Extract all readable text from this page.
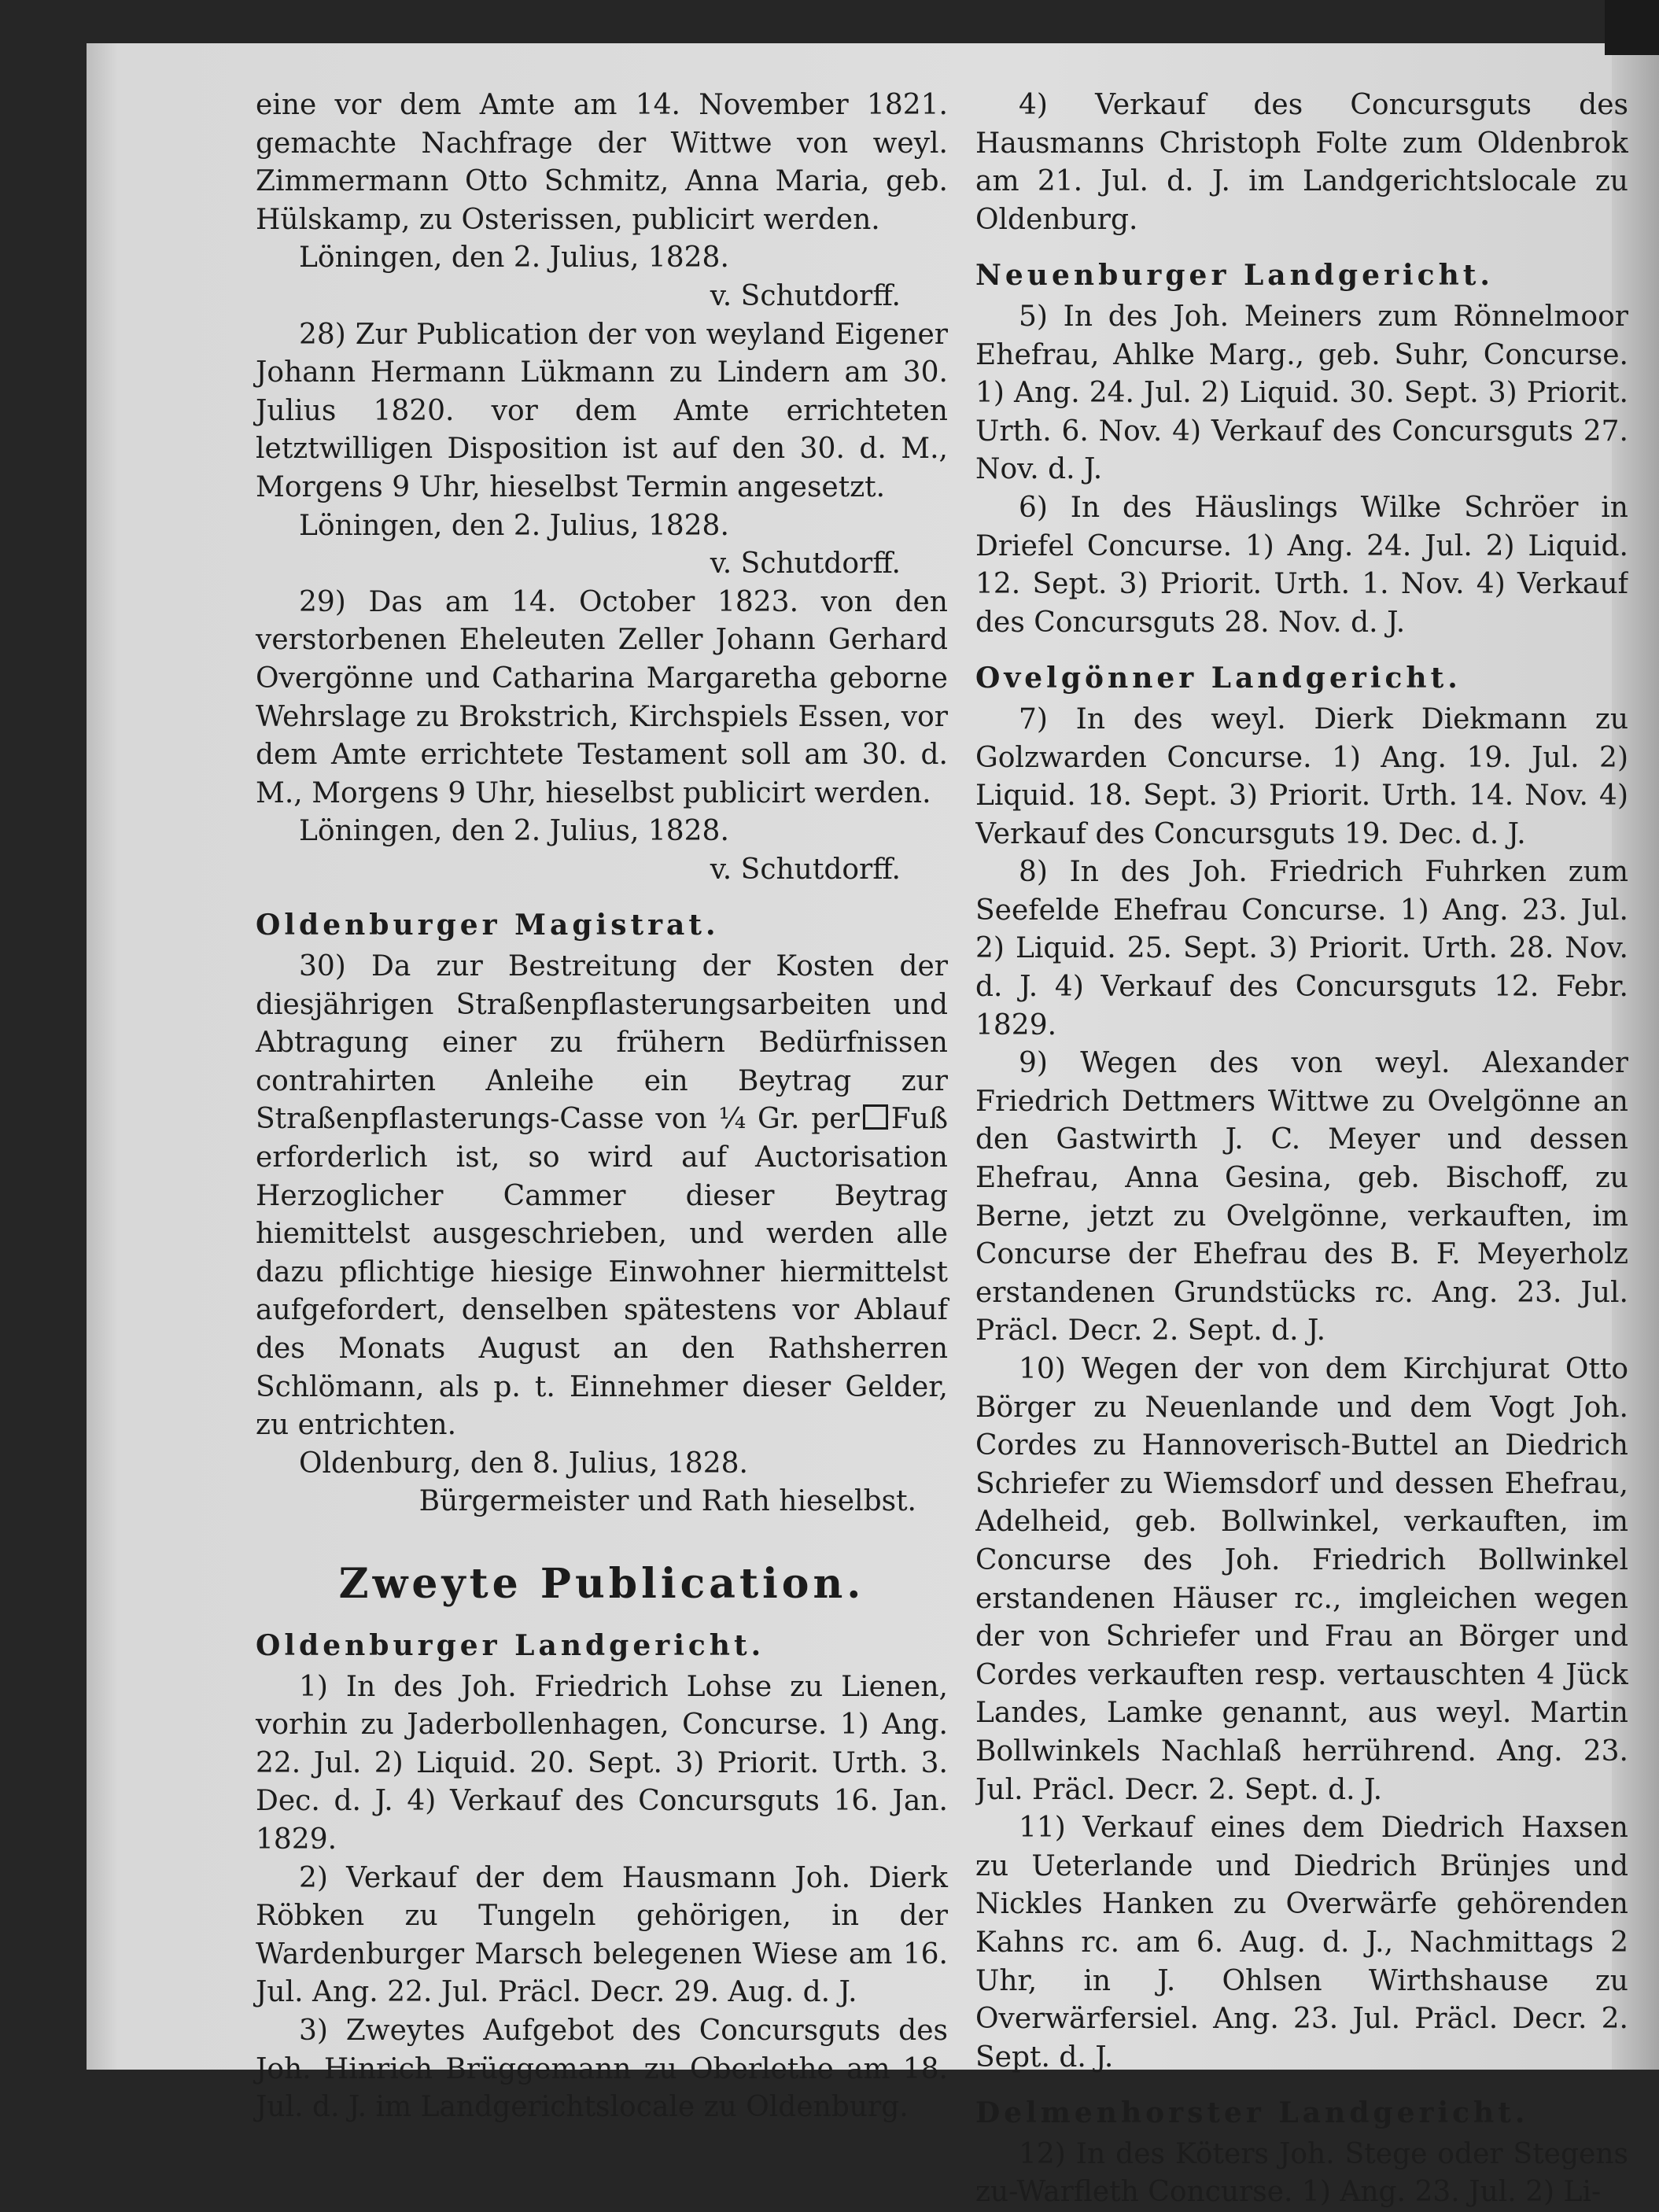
eine vor dem Amte am 14. November 1821. gemachte Nachfrage der Wittwe von weyl. Zimmermann Otto Schmitz, Anna Maria, geb. Hülskamp, zu Osterissen, publicirt werden.

Löningen, den 2. Julius, 1828.

v. Schutdorff.

28) Zur Publication der von weyland Eigener Johann Hermann Lükmann zu Lindern am 30. Julius 1820. vor dem Amte errichteten letztwilligen Disposition ist auf den 30. d. M., Morgens 9 Uhr, hieselbst Termin angesetzt.

Löningen, den 2. Julius, 1828.

v. Schutdorff.

29) Das am 14. October 1823. von den verstorbenen Eheleuten Zeller Johann Gerhard Overgönne und Catharina Margaretha geborne Wehrslage zu Brokstrich, Kirchspiels Essen, vor dem Amte errichtete Testament soll am 30. d. M., Morgens 9 Uhr, hieselbst publicirt werden.

Löningen, den 2. Julius, 1828.

v. Schutdorff.

Oldenburger Magistrat.

30) Da zur Bestreitung der Kosten der diesjährigen Straßenpflasterungsarbeiten und Abtragung einer zu frühern Bedürfnissen contrahirten Anleihe ein Beytrag zur Straßenpflasterungs-Casse von ¼ Gr. per Fuß erforderlich ist, so wird auf Auctorisation Herzoglicher Cammer dieser Beytrag hiemittelst ausgeschrieben, und werden alle dazu pflichtige hiesige Einwohner hiermittelst aufgefordert, denselben spätestens vor Ablauf des Monats August an den Rathsherren Schlömann, als p. t. Einnehmer dieser Gelder, zu entrichten.

Oldenburg, den 8. Julius, 1828.

Bürgermeister und Rath hieselbst.

Zweyte Publication.

Oldenburger Landgericht.

1) In des Joh. Friedrich Lohse zu Lienen, vorhin zu Jaderbollenhagen, Concurse. 1) Ang. 22. Jul. 2) Liquid. 20. Sept. 3) Priorit. Urth. 3. Dec. d. J. 4) Verkauf des Concursguts 16. Jan. 1829.

2) Verkauf der dem Hausmann Joh. Dierk Röbken zu Tungeln gehörigen, in der Wardenburger Marsch belegenen Wiese am 16. Jul. Ang. 22. Jul. Präcl. Decr. 29. Aug. d. J.

3) Zweytes Aufgebot des Concursguts des Joh. Hinrich Brüggemann zu Oberlethe am 18. Jul. d. J. im Landgerichtslocale zu Oldenburg.

4) Verkauf des Concursguts des Hausmanns Christoph Folte zum Oldenbrok am 21. Jul. d. J. im Landgerichtslocale zu Oldenburg.

Neuenburger Landgericht.

5) In des Joh. Meiners zum Rönnelmoor Ehefrau, Ahlke Marg., geb. Suhr, Concurse. 1) Ang. 24. Jul. 2) Liquid. 30. Sept. 3) Priorit. Urth. 6. Nov. 4) Verkauf des Concursguts 27. Nov. d. J.

6) In des Häuslings Wilke Schröer in Driefel Concurse. 1) Ang. 24. Jul. 2) Liquid. 12. Sept. 3) Priorit. Urth. 1. Nov. 4) Verkauf des Concursguts 28. Nov. d. J.

Ovelgönner Landgericht.

7) In des weyl. Dierk Diekmann zu Golzwarden Concurse. 1) Ang. 19. Jul. 2) Liquid. 18. Sept. 3) Priorit. Urth. 14. Nov. 4) Verkauf des Concursguts 19. Dec. d. J.

8) In des Joh. Friedrich Fuhrken zum Seefelde Ehefrau Concurse. 1) Ang. 23. Jul. 2) Liquid. 25. Sept. 3) Priorit. Urth. 28. Nov. d. J. 4) Verkauf des Concursguts 12. Febr. 1829.

9) Wegen des von weyl. Alexander Friedrich Dettmers Wittwe zu Ovelgönne an den Gastwirth J. C. Meyer und dessen Ehefrau, Anna Gesina, geb. Bischoff, zu Berne, jetzt zu Ovelgönne, verkauften, im Concurse der Ehefrau des B. F. Meyerholz erstandenen Grundstücks rc. Ang. 23. Jul. Präcl. Decr. 2. Sept. d. J.

10) Wegen der von dem Kirchjurat Otto Börger zu Neuenlande und dem Vogt Joh. Cordes zu Hannoverisch-Buttel an Diedrich Schriefer zu Wiemsdorf und dessen Ehefrau, Adelheid, geb. Bollwinkel, verkauften, im Concurse des Joh. Friedrich Bollwinkel erstandenen Häuser rc., imgleichen wegen der von Schriefer und Frau an Börger und Cordes verkauften resp. vertauschten 4 Jück Landes, Lamke genannt, aus weyl. Martin Bollwinkels Nachlaß herrührend. Ang. 23. Jul. Präcl. Decr. 2. Sept. d. J.

11) Verkauf eines dem Diedrich Haxsen zu Ueterlande und Diedrich Brünjes und Nickles Hanken zu Overwärfe gehörenden Kahns rc. am 6. Aug. d. J., Nachmittags 2 Uhr, in J. Ohlsen Wirthshause zu Overwärfersiel. Ang. 23. Jul. Präcl. Decr. 2. Sept. d. J.

Delmenhorster Landgericht.

12) In des Köters Joh. Stege oder Stegens zu-Warfleth Concurse. 1) Ang. 23. Jul. 2) Li-
